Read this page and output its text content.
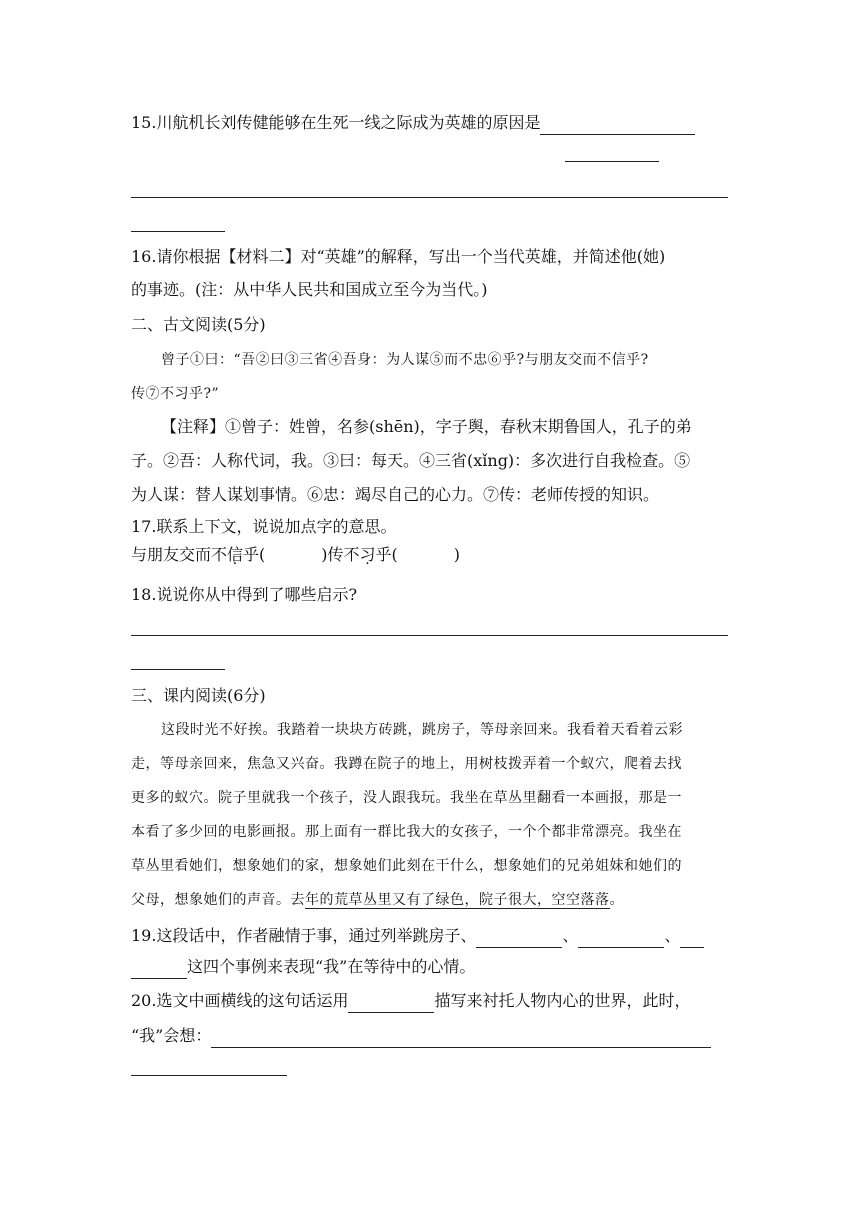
15.川航机长刘传健能够在生死一线之际成为英雄的原因是
16.请你根据【材料二】对“英雄”的解释，写出一个当代英雄，并简述他(她)
的事迹。(注：从中华人民共和国成立至今为当代。)
二、古文阅读(5分)
曾子①曰：“吾②曰③三省④吾身：为人谋⑤而不忠⑥乎?与朋友交而不信乎?
传⑦不习乎?”
【注释】①曾子：姓曾，名参(shēn)，字子舆，春秋末期鲁国人，孔子的弟
子。②吾：人称代词，我。③曰：每天。④三省(xǐng)：多次进行自我检查。⑤
为人谋：替人谋划事情。⑥忠：竭尽自己的心力。⑦传：老师传授的知识。
17.联系上下文，说说加点字的意思。
与朋友交而不信乎(	)传不习乎(	)
18.说说你从中得到了哪些启示?
三、课内阅读(6分)
这段时光不好挨。我踏着一块块方砖跳，跳房子，等母亲回来。我看着天看着云彩
走，等母亲回来，焦急又兴奋。我蹲在院子的地上，用树枝拨弄着一个蚁穴，爬着去找
更多的蚁穴。院子里就我一个孩子，没人跟我玩。我坐在草丛里翻看一本画报，那是一
本看了多少回的电影画报。那上面有一群比我大的女孩子，一个个都非常漂亮。我坐在
草丛里看她们，想象她们的家，想象她们此刻在干什么，想象她们的兄弟姐妹和她们的
父母，想象她们的声音。去年的荒草丛里又有了绿色，院子很大，空空落落。
19.这段话中，作者融情于事，通过列举跳房子、	、	、
这四个事例来表现“我”在等待中的心情。
20.选文中画横线的这句话运用	描写来衬托人物内心的世界，此时，
“我”会想：
